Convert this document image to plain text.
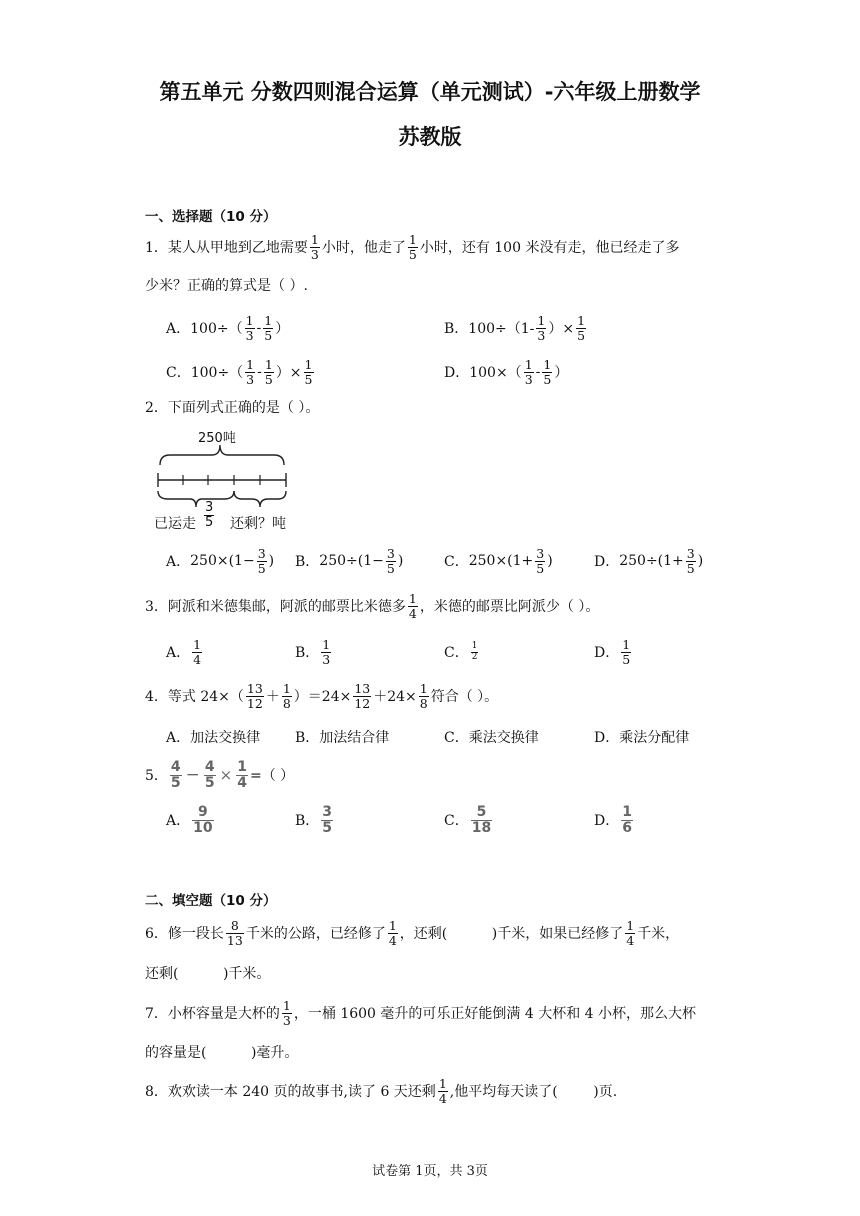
第五单元 分数四则混合运算（单元测试）-六年级上册数学
苏教版
一、选择题（10 分）
1． 某人从甲地到乙地需要 $\frac{1}{3}$ 小时，他走了 $\frac{1}{5}$ 小时，还有 100 米没有走，他已经走了多
少米？正确的算式是（ ）.
A． $100\div( \frac{1}{3} - \frac{1}{5}$ ）	B． $100\div(1- \frac{1}{3}$ ）× $\frac{1}{5}$
C． $100\div( \frac{1}{3} - \frac{1}{5}$ ）× $\frac{1}{5}$	D． $100\times( \frac{1}{3} - \frac{1}{5}$ ）
2． 下面列式正确的是（ ）。
250吨
已运走 $\frac{3}{5}$ 还剩？吨
A． $250\times(1- \frac{3}{5}$ ) B． $250\div(1- \frac{3}{5}$ )	C． $250\times(1+ \frac{3}{5}$ )	D． $250\div(1+ \frac{3}{5}$ )
3． 阿派和米德集邮，阿派的邮票比米德多 $\frac{1}{4}$ ，米德的邮票比阿派少（ ）。
A． $\frac{1}{4}$	B． $\frac{1}{3}$	C． $\frac{1}{2}$	D． $\frac{1}{5}$
4． 等式 $24\times( \frac{13}{12} + \frac{1}{8} )=24\times \frac{13}{12} +24\times \frac{1}{8}$ 符合（ ）。
A．加法交换律 B．加法结合律	C．乘法交换律	D．乘法分配律
5． $\frac{4}{5} - \frac{4}{5} \times \frac{1}{4}$ =（ ）
A． $\frac{9}{10}$	B． $\frac{3}{5}$	C． $\frac{5}{18}$	D． $\frac{1}{6}$
二、填空题（10 分）
6． 修一段长 $\frac{8}{13}$ 千米的公路，已经修了 $\frac{1}{4}$ ，还剩(          )千米，如果已经修了 $\frac{1}{4}$ 千米，
还剩(          )千米。
7． 小杯容量是大杯的 $\frac{1}{3}$ ，一桶 1600 毫升的可乐正好能倒满 4 大杯和 4 小杯，那么大杯
的容量是(          )毫升。
8． 欢欢读一本 240 页的故事书,读了 6 天还剩 $\frac{1}{4}$ ,他平均每天读了(        )页.
试卷第 1页，共 3页
